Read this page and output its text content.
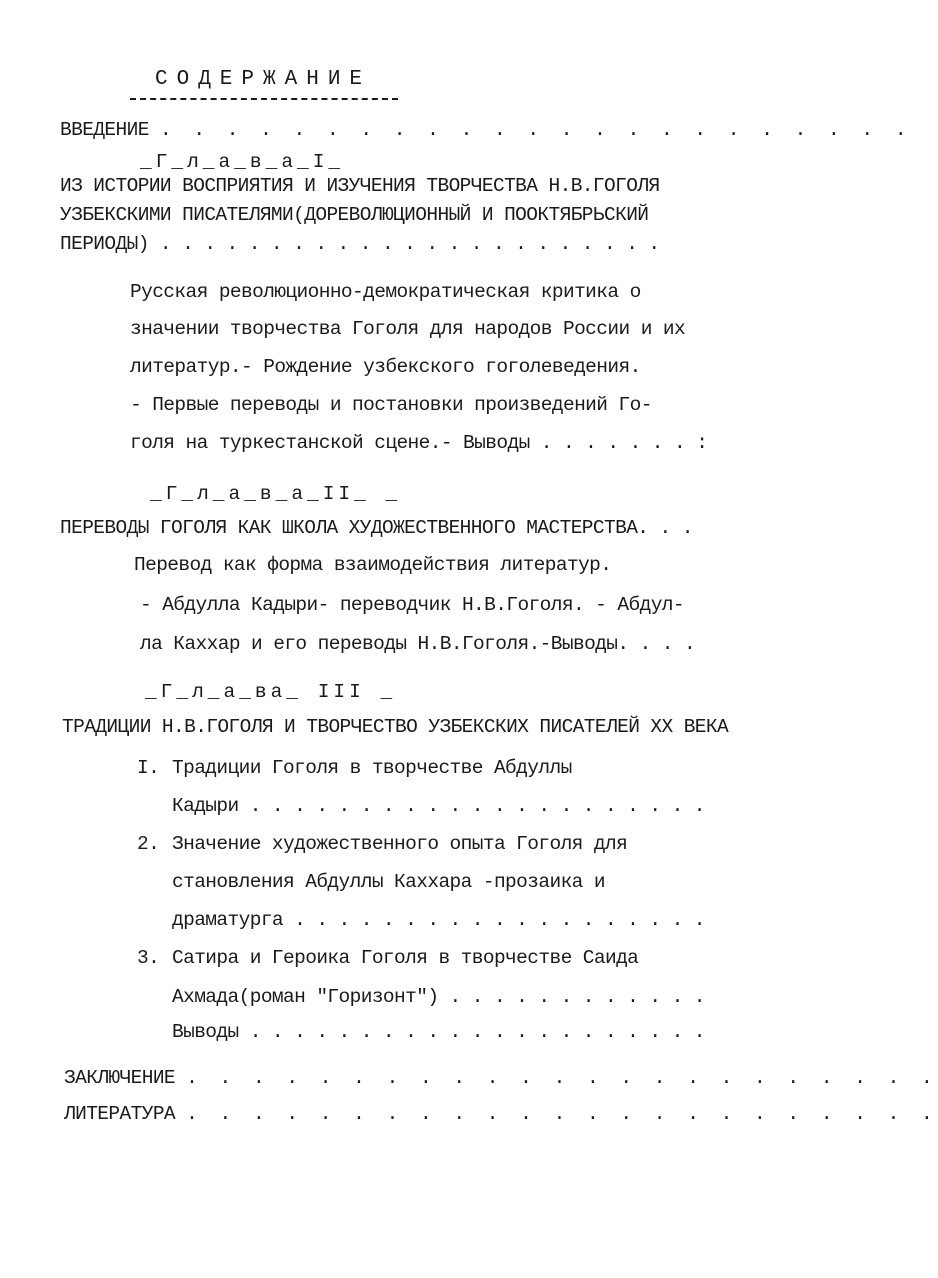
СОДЕРЖАНИЕ
ВВЕДЕНИЕ . . . . . . . . . . . . . . . . . . . . . . .
_Г_л_а_в_а_I_
ИЗ ИСТОРИИ ВОСПРИЯТИЯ И ИЗУЧЕНИЯ ТВОРЧЕСТВА Н.В.ГОГОЛЯ
УЗБЕКСКИМИ ПИСАТЕЛЯМИ(ДОРЕВОЛЮЦИОННЫЙ И ПООКТЯБРЬСКИЙ
ПЕРИОДЫ) . . . . . . . . . . . . . . . . . . . . . . .
Русская революционно-демократическая критика о
значении творчества Гоголя для народов России и их
литератур.- Рождение узбекского гоголеведения.
- Первые переводы и постановки произведений Го-
голя на туркестанской сцене.- Выводы . . . . . . . :
_Г_л_а_в_а_II_ _
ПЕРЕВОДЫ ГОГОЛЯ КАК ШКОЛА ХУДОЖЕСТВЕННОГО МАСТЕРСТВА. . .
Перевод как форма взаимодействия литератур.
- Абдулла Кадыри- переводчик Н.В.Гоголя. - Абдул-
ла Каххар и его переводы Н.В.Гоголя.-Выводы. . . .
_Г_л_а_ва_ III _
ТРАДИЦИИ Н.В.ГОГОЛЯ И ТВОРЧЕСТВО УЗБЕКСКИХ ПИСАТЕЛЕЙ XX ВЕКА
I. Традиции Гоголя в творчестве Абдуллы
Кадыри . . . . . . . . . . . . . . . . . . . . .
2. Значение художественного опыта Гоголя для
становления Абдуллы Каххара -прозаика и
драматурга . . . . . . . . . . . . . . . . . . .
3. Сатира и Героика Гоголя в творчестве Саида
Ахмада(роман "Горизонт") . . . . . . . . . . . .
Выводы . . . . . . . . . . . . . . . . . . . . .
ЗАКЛЮЧЕНИЕ . . . . . . . . . . . . . . . . . . . . . . .
ЛИТЕРАТУРА . . . . . . . . . . . . . . . . . . . . . . .
